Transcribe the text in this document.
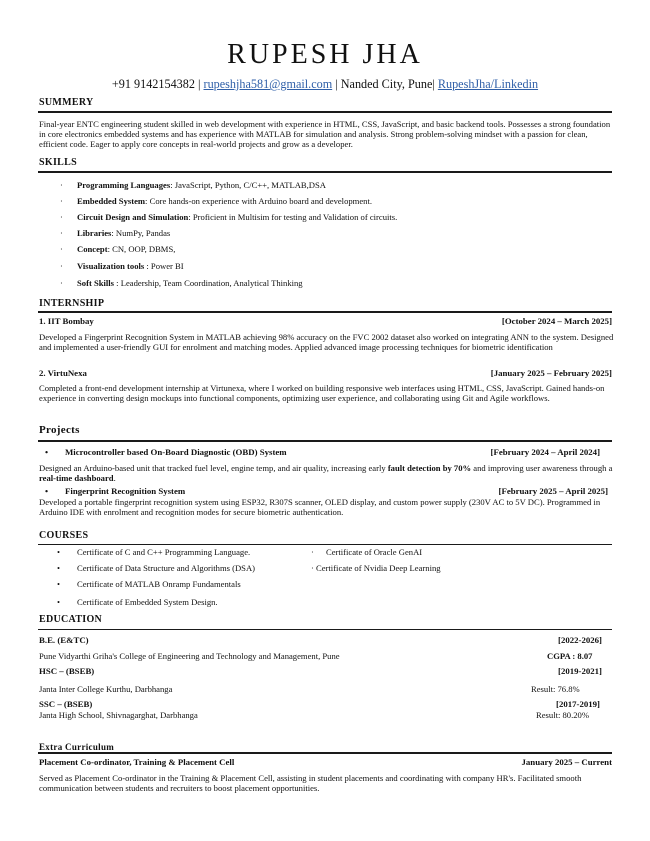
RUPESH JHA
+91 9142154382 | rupeshjha581@gmail.com | Nanded City, Pune| RupeshJha/Linkedin
SUMMERY
Final-year ENTC engineering student skilled in web development with experience in HTML, CSS, JavaScript, and basic backend tools. Possesses a strong foundation in core electronics embedded systems and has experience with MATLAB for simulation and analysis. Strong problem-solving mindset with a passion for clean, efficient code. Eager to apply core concepts in real-world projects and grow as a developer.
SKILLS
· Programming Languages: JavaScript, Python, C/C++, MATLAB,DSA
· Embedded System: Core hands-on experience with Arduino board and development.
· Circuit Design and Simulation: Proficient in Multisim for testing and Validation of circuits.
· Libraries: NumPy, Pandas
· Concept: CN, OOP, DBMS,
· Visualization tools : Power BI
· Soft Skills : Leadership, Team Coordination, Analytical Thinking
INTERNSHIP
1. IIT Bombay	[October 2024 – March 2025]
Developed a Fingerprint Recognition System in MATLAB achieving 98% accuracy on the FVC 2002 dataset also worked on integrating ANN to the system. Designed and implemented a user-friendly GUI for enrolment and matching modes. Applied advanced image processing techniques for biometric identification
2. VirtuNexa	[January 2025 – February 2025]
Completed a front-end development internship at Virtunexa, where I worked on building responsive web interfaces using HTML, CSS, JavaScript. Gained hands-on experience in converting design mockups into functional components, optimizing user experience, and collaborating using Git and Agile workflows.
Projects
• Microcontroller based On-Board Diagnostic (OBD) System	[February 2024 – April 2024]
Designed an Arduino-based unit that tracked fuel level, engine temp, and air quality, increasing early fault detection by 70% and improving user awareness through a real-time dashboard.
• Fingerprint Recognition System	[February 2025 – April 2025]
Developed a portable fingerprint recognition system using ESP32, R307S scanner, OLED display, and custom power supply (230V AC to 5V DC). Programmed in Arduino IDE with enrolment and recognition modes for secure biometric authentication.
COURSES
• Certificate of C and C++ Programming Language.
• Certificate of Data Structure and Algorithms (DSA)
• Certificate of MATLAB Onramp Fundamentals
• Certificate of Embedded System Design.
· Certificate of Oracle GenAI
· Certificate of Nvidia Deep Learning
EDUCATION
B.E. (E&TC)	[2022-2026]
Pune Vidyarthi Griha's College of Engineering and Technology and Management, Pune	CGPA : 8.07
HSC – (BSEB)	[2019-2021]
Janta Inter College Kurthu, Darbhanga	Result: 76.8%
SSC – (BSEB)	[2017-2019]
Janta High School, Shivnagarghat, Darbhanga	Result: 80.20%
Extra Curriculum
Placement Co-ordinator, Training & Placement Cell	January 2025 – Current
Served as Placement Co-ordinator in the Training & Placement Cell, assisting in student placements and coordinating with company HR's. Facilitated smooth communication between students and recruiters to boost placement opportunities.
